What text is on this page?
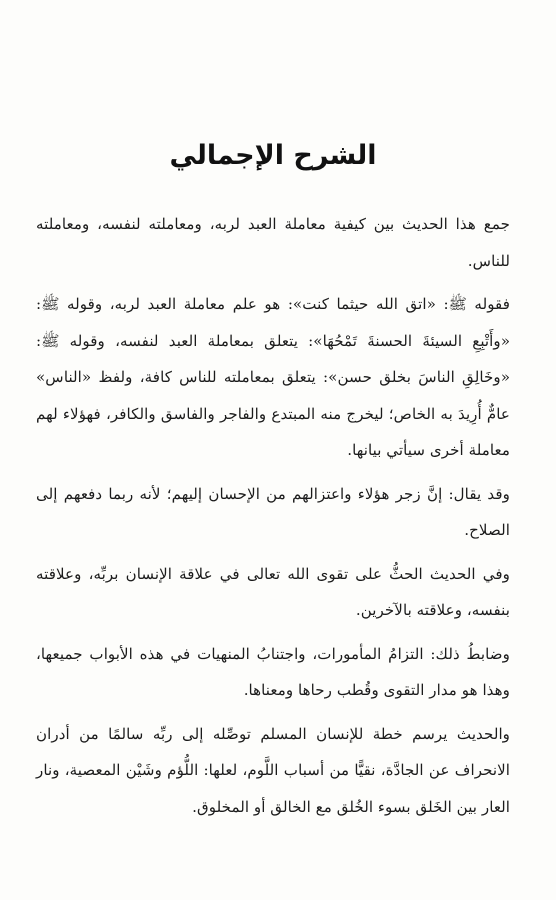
الشرح الإجمالي

جمع هذا الحديث بين كيفية معاملة العبد لربه، ومعاملته لنفسه، ومعاملته للناس.

فقوله ﷺ: «اتق الله حيثما كنت»: هو علم معاملة العبد لربه، وقوله ﷺ: «وأَتْبِعِ السيئةَ الحسنةَ تَمْحُهَا»: يتعلق بمعاملة العبد لنفسه، وقوله ﷺ: «وخَالِقِ الناسَ بخلق حسن»: يتعلق بمعاملته للناس كافة، ولفظ «الناس» عامٌّ أُرِيدَ به الخاص؛ ليخرج منه المبتدع والفاجر والفاسق والكافر، فهؤلاء لهم معاملة أخرى سيأتي بيانها.

وقد يقال: إنَّ زجر هؤلاء واعتزالهم من الإحسان إليهم؛ لأنه ربما دفعهم إلى الصلاح.

وفي الحديث الحثُّ على تقوى الله تعالى في علاقة الإنسان بربِّه، وعلاقته بنفسه، وعلاقته بالآخرين.

وضابطُ ذلك: التزامُ المأمورات، واجتنابُ المنهيات في هذه الأبواب جميعها، وهذا هو مدار التقوى وقُطب رحاها ومعناها.

والحديث يرسم خطة للإنسان المسلم توصِّله إلى ربِّه سالمًا من أدران الانحراف عن الجادَّة، نقيًّا من أسباب اللَّوم، لعلها: اللُّؤم وشَيْن المعصية، ونار العار بين الخَلق بسوء الخُلق مع الخالق أو المخلوق.
